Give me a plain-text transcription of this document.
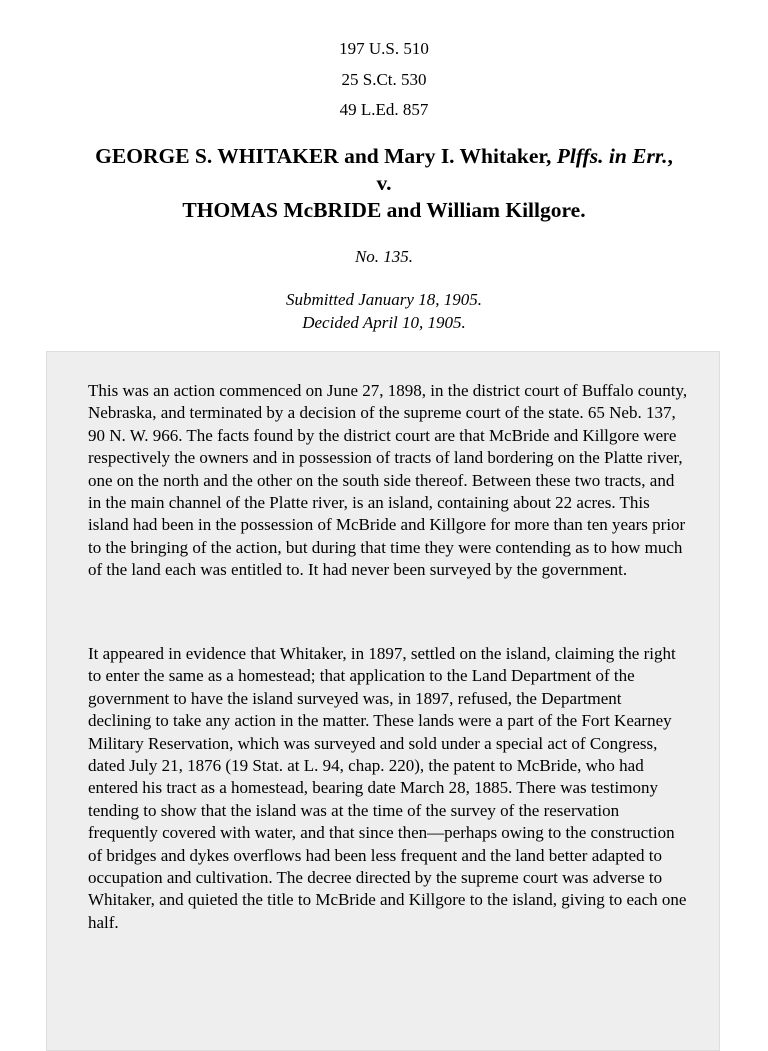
197 U.S. 510
25 S.Ct. 530
49 L.Ed. 857
GEORGE S. WHITAKER and Mary I. Whitaker, Plffs. in Err.,
v.
THOMAS McBRIDE and William Killgore.
No. 135.
Submitted January 18, 1905.
Decided April 10, 1905.

This was an action commenced on June 27, 1898, in the district court of Buffalo county, Nebraska, and terminated by a decision of the supreme court of the state. 65 Neb. 137, 90 N. W. 966. The facts found by the district court are that McBride and Killgore were respectively the owners and in possession of tracts of land bordering on the Platte river, one on the north and the other on the south side thereof. Between these two tracts, and in the main channel of the Platte river, is an island, containing about 22 acres. This island had been in the possession of McBride and Killgore for more than ten years prior to the bringing of the action, but during that time they were contending as to how much of the land each was entitled to. It had never been surveyed by the government.

It appeared in evidence that Whitaker, in 1897, settled on the island, claiming the right to enter the same as a homestead; that application to the Land Department of the government to have the island surveyed was, in 1897, refused, the Department declining to take any action in the matter. These lands were a part of the Fort Kearney Military Reservation, which was surveyed and sold under a special act of Congress, dated July 21, 1876 (19 Stat. at L. 94, chap. 220), the patent to McBride, who had entered his tract as a homestead, bearing date March 28, 1885. There was testimony tending to show that the island was at the time of the survey of the reservation frequently covered with water, and that since then—perhaps owing to the construction of bridges and dykes overflows had been less frequent and the land better adapted to occupation and cultivation. The decree directed by the supreme court was adverse to Whitaker, and quieted the title to McBride and Killgore to the island, giving to each one half.
